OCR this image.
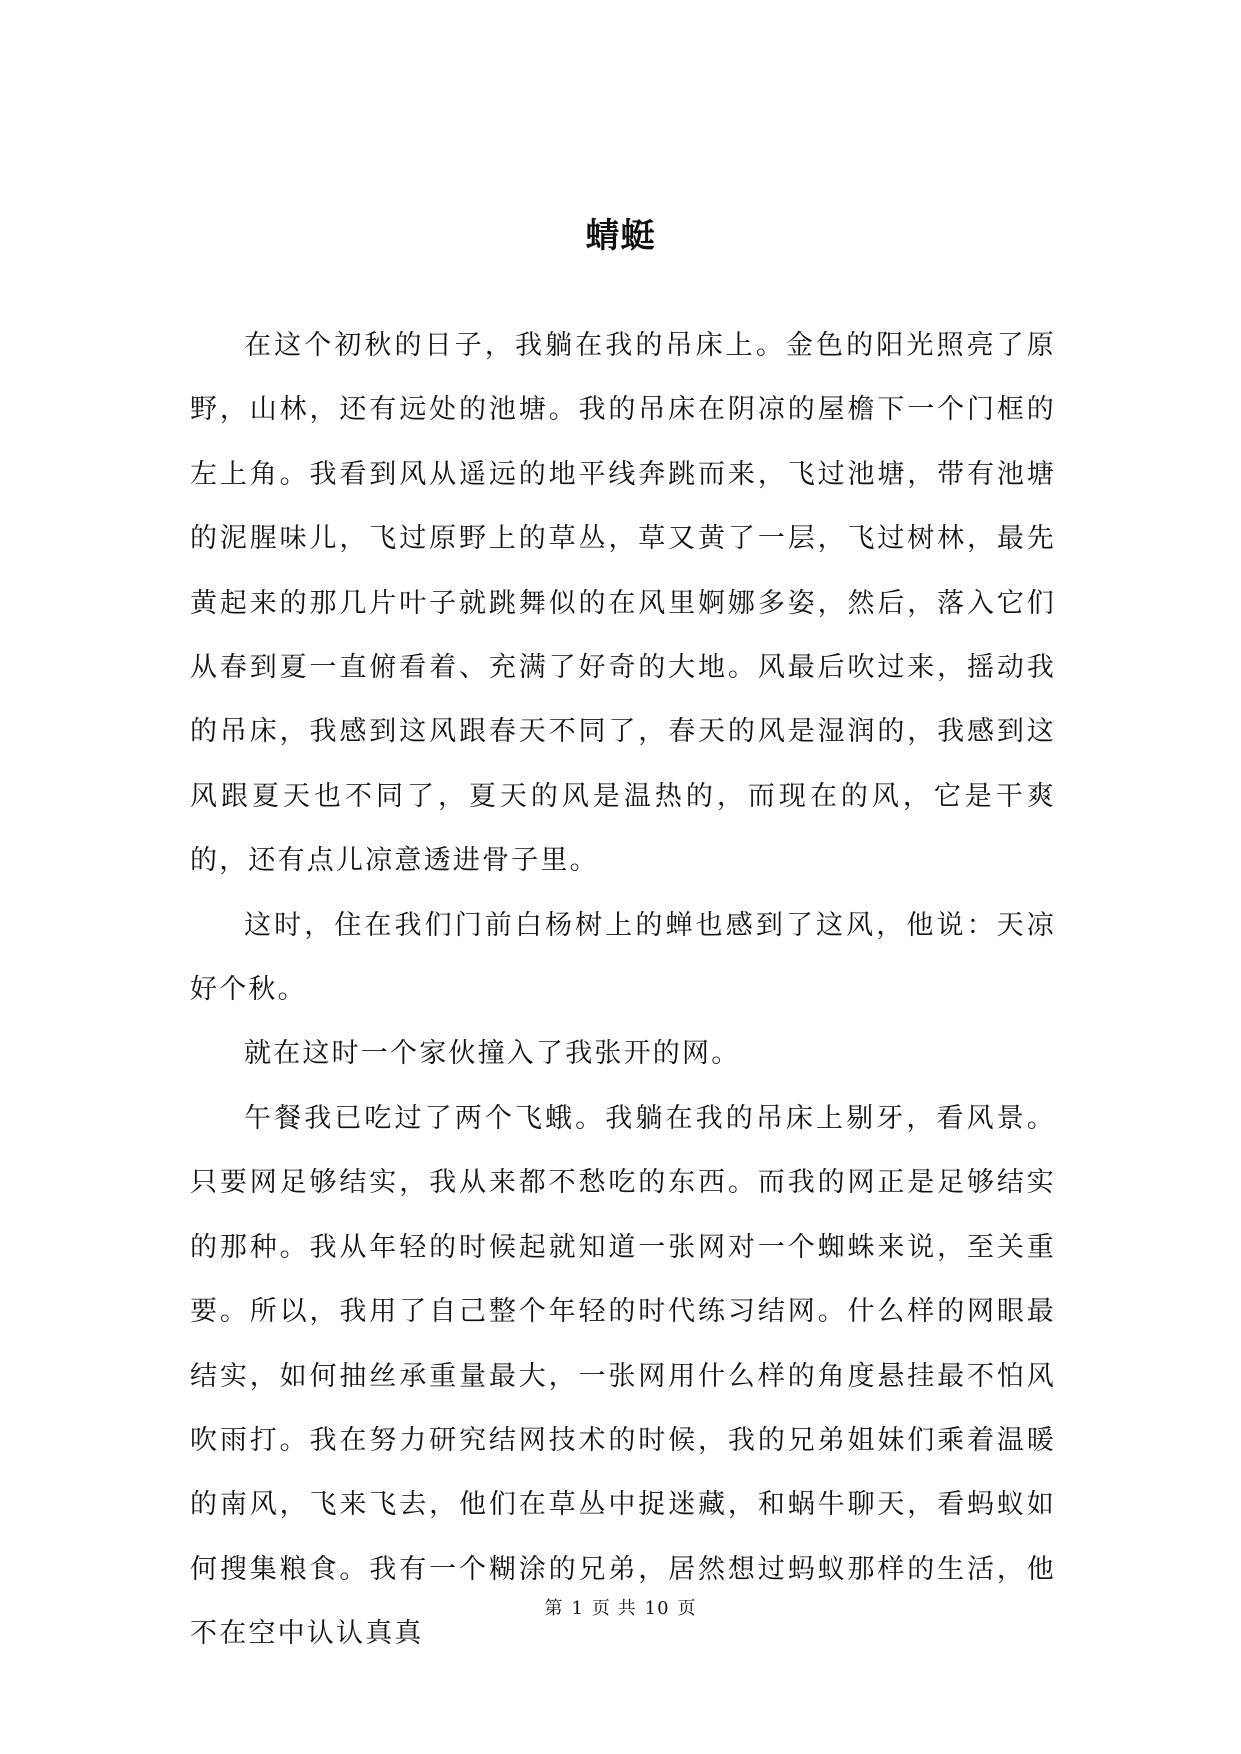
蜻蜓

在这个初秋的日子，我躺在我的吊床上。金色的阳光照亮了原野，山林，还有远处的池塘。我的吊床在阴凉的屋檐下一个门框的左上角。我看到风从遥远的地平线奔跳而来，飞过池塘，带有池塘的泥腥味儿，飞过原野上的草丛，草又黄了一层，飞过树林，最先黄起来的那几片叶子就跳舞似的在风里婀娜多姿，然后，落入它们从春到夏一直俯看着、充满了好奇的大地。风最后吹过来，摇动我的吊床，我感到这风跟春天不同了，春天的风是湿润的，我感到这风跟夏天也不同了，夏天的风是温热的，而现在的风，它是干爽的，还有点儿凉意透进骨子里。

这时，住在我们门前白杨树上的蝉也感到了这风，他说：天凉好个秋。

就在这时一个家伙撞入了我张开的网。

午餐我已吃过了两个飞蛾。我躺在我的吊床上剔牙，看风景。只要网足够结实，我从来都不愁吃的东西。而我的网正是足够结实的那种。我从年轻的时候起就知道一张网对一个蜘蛛来说，至关重要。所以，我用了自己整个年轻的时代练习结网。什么样的网眼最结实，如何抽丝承重量最大，一张网用什么样的角度悬挂最不怕风吹雨打。我在努力研究结网技术的时候，我的兄弟姐妹们乘着温暖的南风，飞来飞去，他们在草丛中捉迷藏，和蜗牛聊天，看蚂蚁如何搜集粮食。我有一个糊涂的兄弟，居然想过蚂蚁那样的生活，他不在空中认认真真

第 1 页 共 10 页
